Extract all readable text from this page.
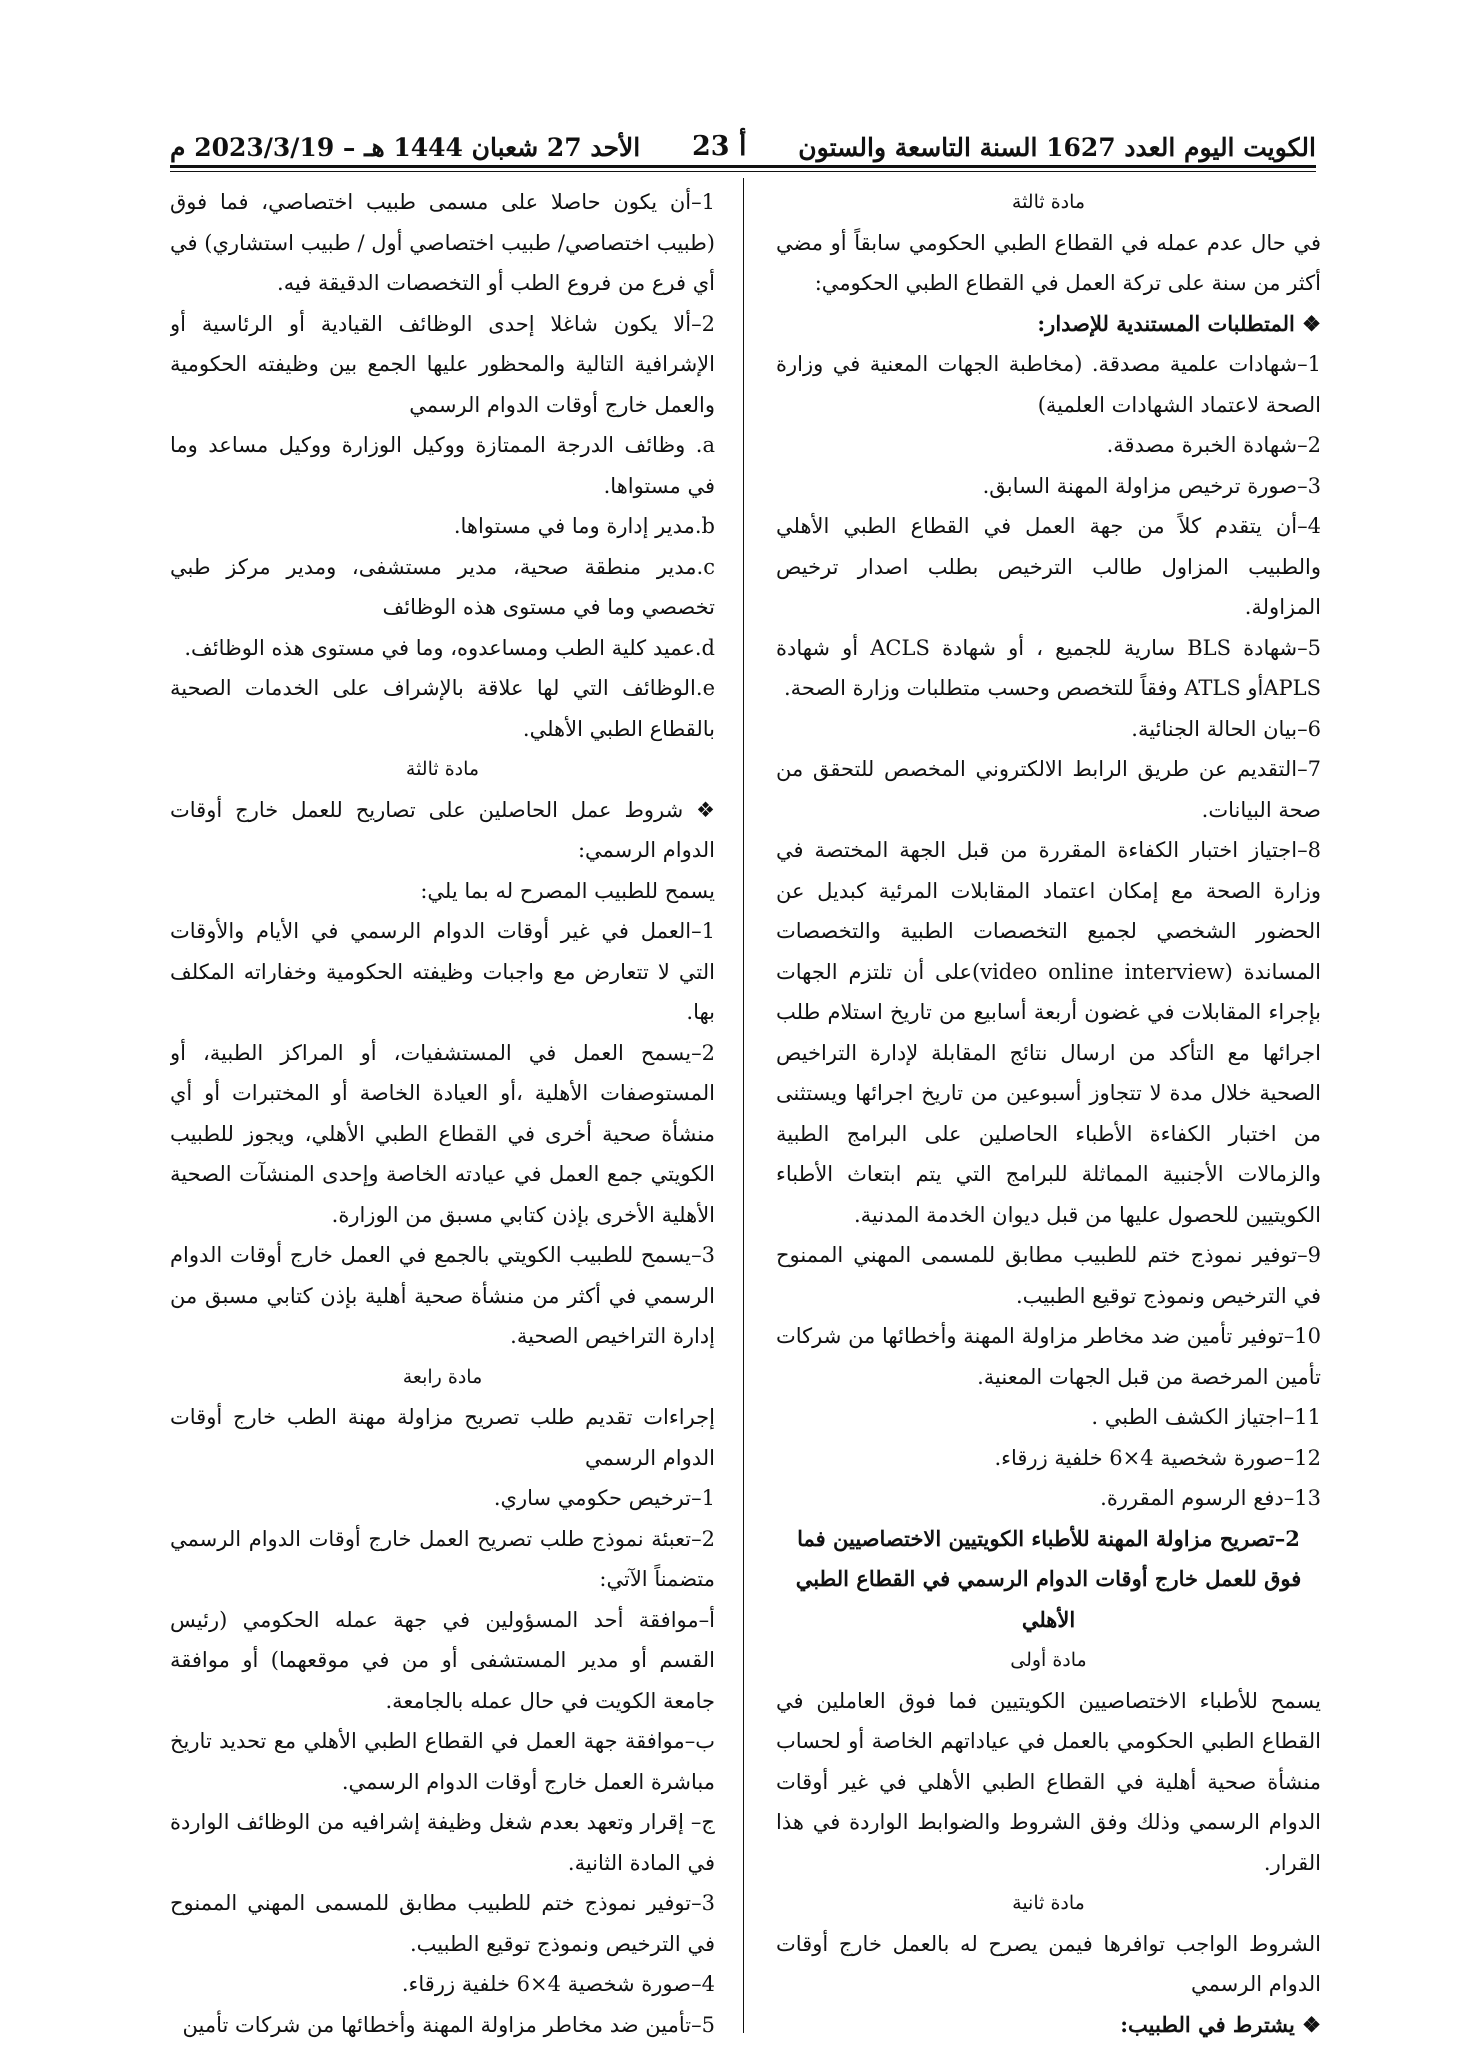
الكويت اليوم العدد 1627 السنة التاسعة والستون
أ 23
الأحد 27 شعبان 1444 هـ – 2023/3/19 م

مادة ثالثة

في حال عدم عمله في القطاع الطبي الحكومي سابقاً أو مضي أكثر من سنة على تركة العمل في القطاع الطبي الحكومي:

❖ المتطلبات المستندية للإصدار:

1–شهادات علمية مصدقة. (مخاطبة الجهات المعنية في وزارة الصحة لاعتماد الشهادات العلمية)

2–شهادة الخبرة مصدقة.

3–صورة ترخيص مزاولة المهنة السابق.

4–أن يتقدم كلاً من جهة العمل في القطاع الطبي الأهلي والطبيب المزاول طالب الترخيص بطلب اصدار ترخيص المزاولة.

5–شهادة BLS سارية للجميع ، أو شهادة ACLS أو شهادة APLSأو ATLS وفقاً للتخصص وحسب متطلبات وزارة الصحة.

6–بيان الحالة الجنائية.

7–التقديم عن طريق الرابط الالكتروني المخصص للتحقق من صحة البيانات.

8–اجتياز اختبار الكفاءة المقررة من قبل الجهة المختصة في وزارة الصحة مع إمكان اعتماد المقابلات المرئية كبديل عن الحضور الشخصي لجميع التخصصات الطبية والتخصصات المساندة (video online interview)على أن تلتزم الجهات بإجراء المقابلات في غضون أربعة أسابيع من تاريخ استلام طلب اجرائها مع التأكد من ارسال نتائج المقابلة لإدارة التراخيص الصحية خلال مدة لا تتجاوز أسبوعين من تاريخ اجرائها ويستثنى من اختبار الكفاءة الأطباء الحاصلين على البرامج الطبية والزمالات الأجنبية المماثلة للبرامج التي يتم ابتعاث الأطباء الكويتيين للحصول عليها من قبل ديوان الخدمة المدنية.

9–توفير نموذج ختم للطبيب مطابق للمسمى المهني الممنوح في الترخيص ونموذج توقيع الطبيب.

10–توفير تأمين ضد مخاطر مزاولة المهنة وأخطائها من شركات تأمين المرخصة من قبل الجهات المعنية.

11–اجتياز الكشف الطبي .

12–صورة شخصية 4×6 خلفية زرقاء.

13–دفع الرسوم المقررة.

2–تصريح مزاولة المهنة للأطباء الكويتيين الاختصاصيين فما فوق للعمل خارج أوقات الدوام الرسمي في القطاع الطبي الأهلي

مادة أولى

يسمح للأطباء الاختصاصيين الكويتيين فما فوق العاملين في القطاع الطبي الحكومي بالعمل في عياداتهم الخاصة أو لحساب منشأة صحية أهلية في القطاع الطبي الأهلي في غير أوقات الدوام الرسمي وذلك وفق الشروط والضوابط الواردة في هذا القرار.

مادة ثانية

الشروط الواجب توافرها فيمن يصرح له بالعمل خارج أوقات الدوام الرسمي

❖ يشترط في الطبيب:

1–أن يكون حاصلا على مسمى طبيب اختصاصي، فما فوق (طبيب اختصاصي/ طبيب اختصاصي أول / طبيب استشاري) في أي فرع من فروع الطب أو التخصصات الدقيقة فيه.

2–ألا يكون شاغلا إحدى الوظائف القيادية أو الرئاسية أو الإشرافية التالية والمحظور عليها الجمع بين وظيفته الحكومية والعمل خارج أوقات الدوام الرسمي

a. وظائف الدرجة الممتازة ووكيل الوزارة ووكيل مساعد وما في مستواها.

b.مدير إدارة وما في مستواها.

c.مدير منطقة صحية، مدير مستشفى، ومدير مركز طبي تخصصي وما في مستوى هذه الوظائف

d.عميد كلية الطب ومساعدوه، وما في مستوى هذه الوظائف.

e.الوظائف التي لها علاقة بالإشراف على الخدمات الصحية بالقطاع الطبي الأهلي.

مادة ثالثة

❖ شروط عمل الحاصلين على تصاريح للعمل خارج أوقات الدوام الرسمي:

يسمح للطبيب المصرح له بما يلي:

1–العمل في غير أوقات الدوام الرسمي في الأيام والأوقات التي لا تتعارض مع واجبات وظيفته الحكومية وخفاراته المكلف بها.

2–يسمح العمل في المستشفيات، أو المراكز الطبية، أو المستوصفات الأهلية ،أو العيادة الخاصة أو المختبرات أو أي منشأة صحية أخرى في القطاع الطبي الأهلي، ويجوز للطبيب الكويتي جمع العمل في عيادته الخاصة وإحدى المنشآت الصحية الأهلية الأخرى بإذن كتابي مسبق من الوزارة.

3–يسمح للطبيب الكويتي بالجمع في العمل خارج أوقات الدوام الرسمي في أكثر من منشأة صحية أهلية بإذن كتابي مسبق من إدارة التراخيص الصحية.

مادة رابعة

إجراءات تقديم طلب تصريح مزاولة مهنة الطب خارج أوقات الدوام الرسمي

1–ترخيص حكومي ساري.

2–تعبئة نموذج طلب تصريح العمل خارج أوقات الدوام الرسمي متضمناً الآتي:

أ–موافقة أحد المسؤولين في جهة عمله الحكومي (رئيس القسم أو مدير المستشفى أو من في موقعهما) أو موافقة جامعة الكويت في حال عمله بالجامعة.

ب–موافقة جهة العمل في القطاع الطبي الأهلي مع تحديد تاريخ مباشرة العمل خارج أوقات الدوام الرسمي.

ج– إقرار وتعهد بعدم شغل وظيفة إشرافيه من الوظائف الواردة في المادة الثانية.

3–توفير نموذج ختم للطبيب مطابق للمسمى المهني الممنوح في الترخيص ونموذج توقيع الطبيب.

4–صورة شخصية 4×6 خلفية زرقاء.

5–تأمين ضد مخاطر مزاولة المهنة وأخطائها من شركات تأمين
